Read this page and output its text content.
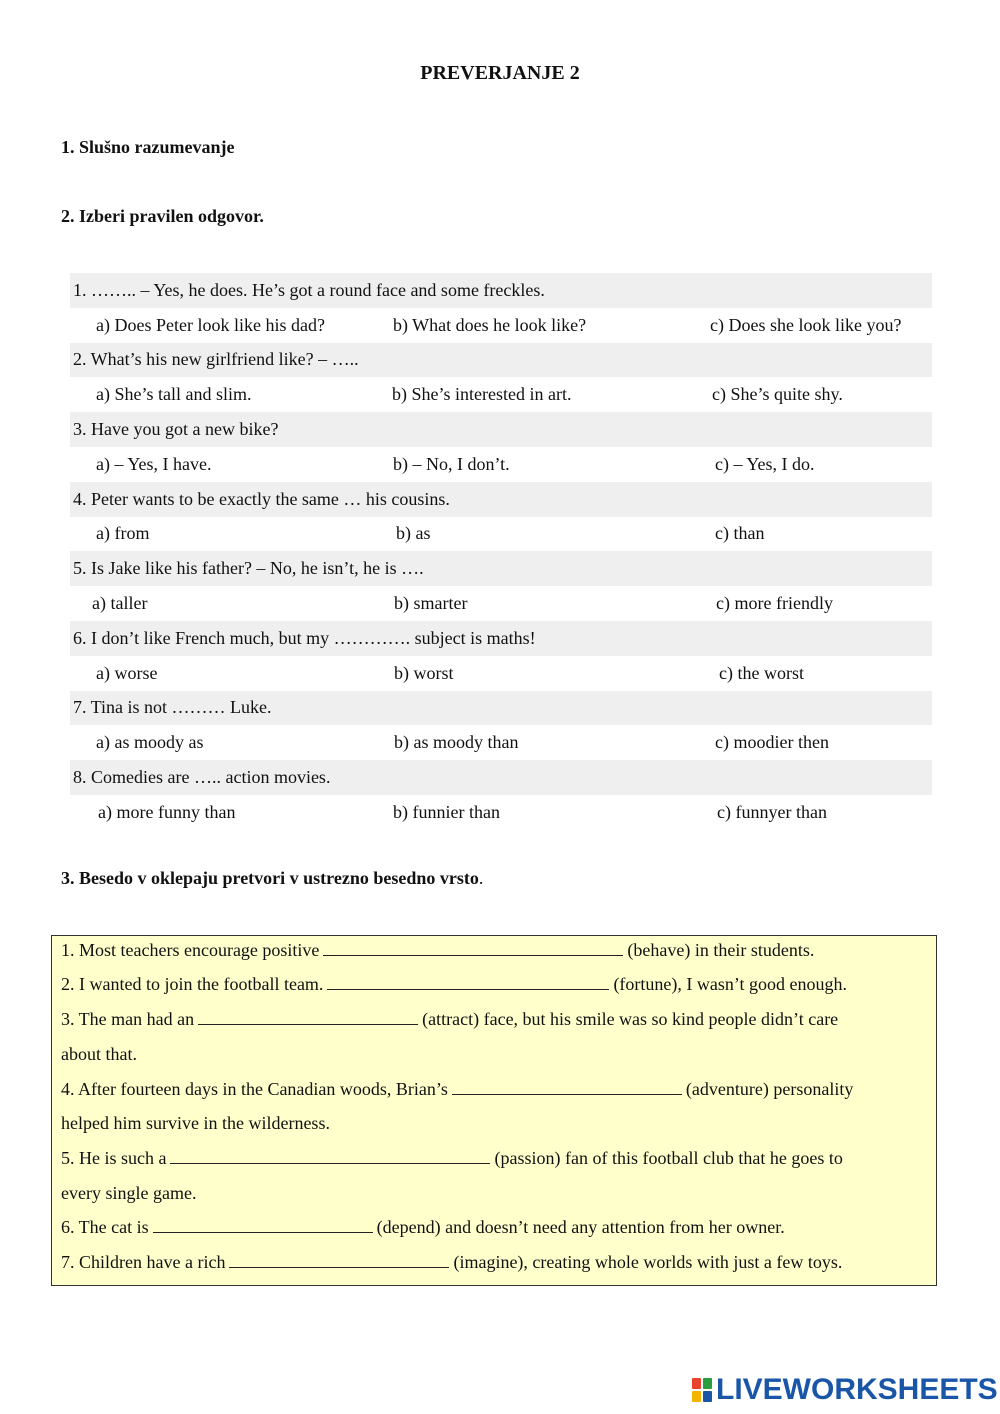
PREVERJANJE 2
1. Slušno razumevanje
2. Izberi pravilen odgovor.
1. …….. – Yes, he does. He’s got a round face and some freckles.
a) Does Peter look like his dad?	b) What does he look like?	c) Does she look like you?
2. What’s his new girlfriend like? – …..
a) She’s tall and slim.	b) She’s interested in art.	c) She’s quite shy.
3. Have you got a new bike?
a) – Yes, I have.	b) – No, I don’t.	c) – Yes, I do.
4. Peter wants to be exactly the same … his cousins.
a) from	b) as	c) than
5. Is Jake like his father? – No, he isn’t, he is ….
a) taller	b) smarter	c) more friendly
6. I don’t like French much, but my …………. subject is maths!
a) worse	b) worst	c) the worst
7. Tina is not ……… Luke.
a) as moody as	b) as moody than	c) moodier then
8. Comedies are ….. action movies.
a) more funny than	b) funnier than	c) funnyer than
3. Besedo v oklepaju pretvori v ustrezno besedno vrsto.
1. Most teachers encourage positive	(behave) in their students.
2. I wanted to join the football team.	(fortune), I wasn’t good enough.
3. The man had an	(attract) face, but his smile was so kind people didn’t care
about that.
4. After fourteen days in the Canadian woods, Brian’s	(adventure) personality
helped him survive in the wilderness.
5. He is such a	(passion) fan of this football club that he goes to
every single game.
6. The cat is	(depend) and doesn’t need any attention from her owner.
7. Children have a rich	(imagine), creating whole worlds with just a few toys.
LIVEWORKSHEETS
